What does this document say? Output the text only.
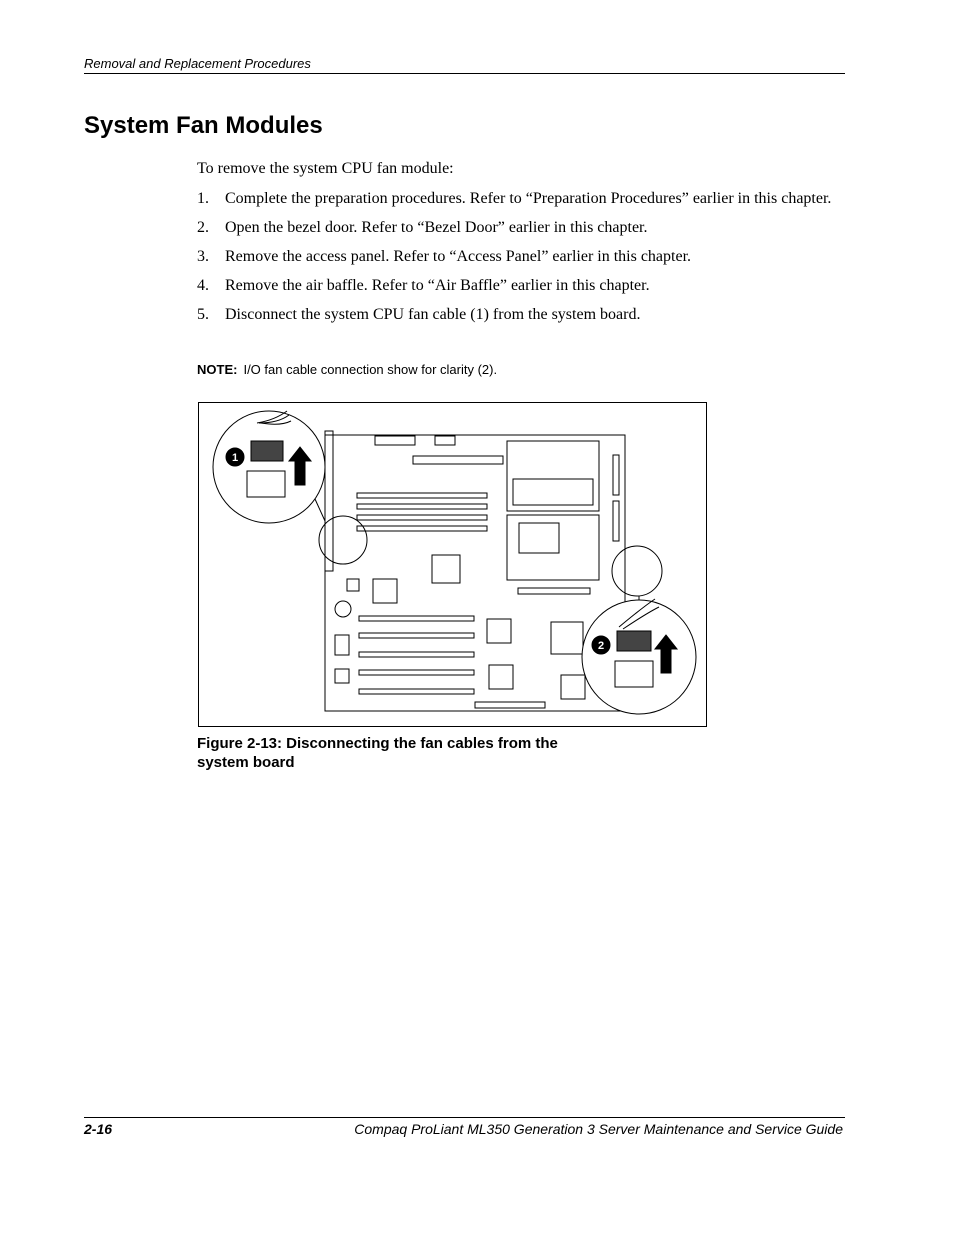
Removal and Replacement Procedures
System Fan Modules
To remove the system CPU fan module:
1. Complete the preparation procedures. Refer to “Preparation Procedures” earlier in this chapter.
2. Open the bezel door. Refer to “Bezel Door” earlier in this chapter.
3. Remove the access panel. Refer to “Access Panel” earlier in this chapter.
4. Remove the air baffle. Refer to “Air Baffle” earlier in this chapter.
5. Disconnect the system CPU fan cable (1) from the system board.
NOTE: I/O fan cable connection show for clarity (2).
1
2
Figure 2-13: Disconnecting the fan cables from the system board
2-16	Compaq ProLiant ML350 Generation 3 Server Maintenance and Service Guide
